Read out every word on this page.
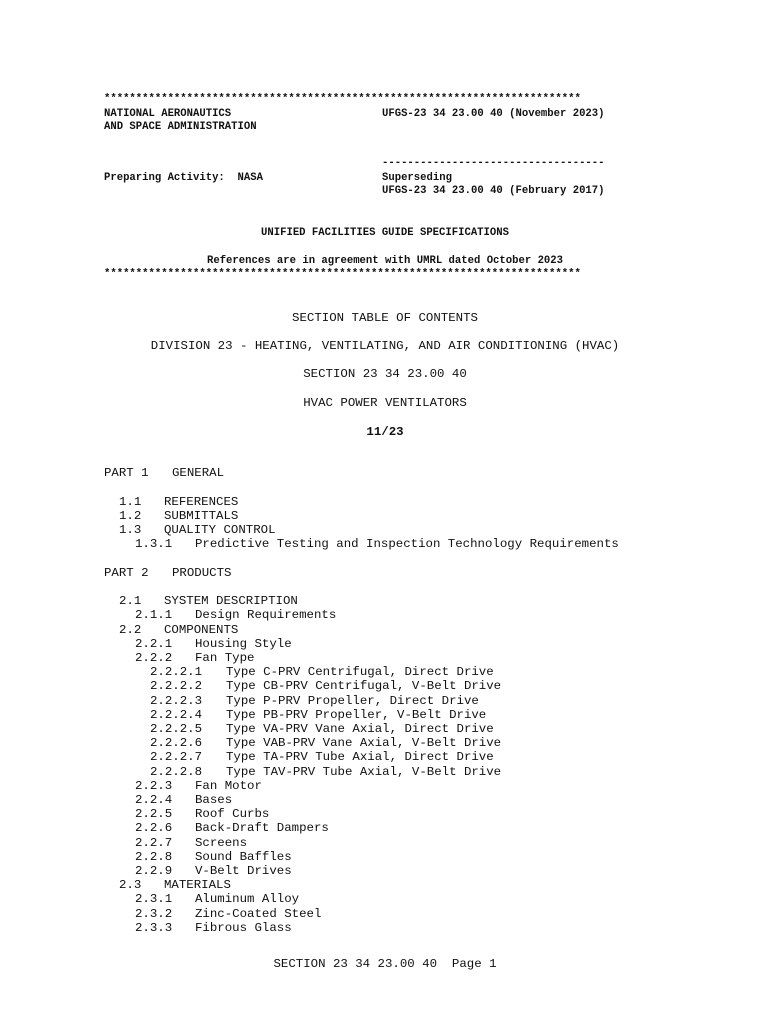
***************************************************************************
NATIONAL AERONAUTICS
AND SPACE ADMINISTRATION
UFGS-23 34 23.00 40 (November 2023)
-----------------------------------
Preparing Activity:  NASA	Superseding
UFGS-23 34 23.00 40 (February 2017)
UNIFIED FACILITIES GUIDE SPECIFICATIONS
References are in agreement with UMRL dated October 2023
***************************************************************************
SECTION TABLE OF CONTENTS
DIVISION 23 - HEATING, VENTILATING, AND AIR CONDITIONING (HVAC)
SECTION 23 34 23.00 40
HVAC POWER VENTILATORS
11/23
PART 1 GENERAL
1.1 REFERENCES
1.2 SUBMITTALS
1.3 QUALITY CONTROL
1.3.1 Predictive Testing and Inspection Technology Requirements
PART 2 PRODUCTS
2.1 SYSTEM DESCRIPTION
2.1.1 Design Requirements
2.2 COMPONENTS
2.2.1 Housing Style
2.2.2 Fan Type
2.2.2.1 Type C-PRV Centrifugal, Direct Drive
2.2.2.2 Type CB-PRV Centrifugal, V-Belt Drive
2.2.2.3 Type P-PRV Propeller, Direct Drive
2.2.2.4 Type PB-PRV Propeller, V-Belt Drive
2.2.2.5 Type VA-PRV Vane Axial, Direct Drive
2.2.2.6 Type VAB-PRV Vane Axial, V-Belt Drive
2.2.2.7 Type TA-PRV Tube Axial, Direct Drive
2.2.2.8 Type TAV-PRV Tube Axial, V-Belt Drive
2.2.3 Fan Motor
2.2.4 Bases
2.2.5 Roof Curbs
2.2.6 Back-Draft Dampers
2.2.7 Screens
2.2.8 Sound Baffles
2.2.9 V-Belt Drives
2.3 MATERIALS
2.3.1 Aluminum Alloy
2.3.2 Zinc-Coated Steel
2.3.3 Fibrous Glass
SECTION 23 34 23.00 40  Page 1
